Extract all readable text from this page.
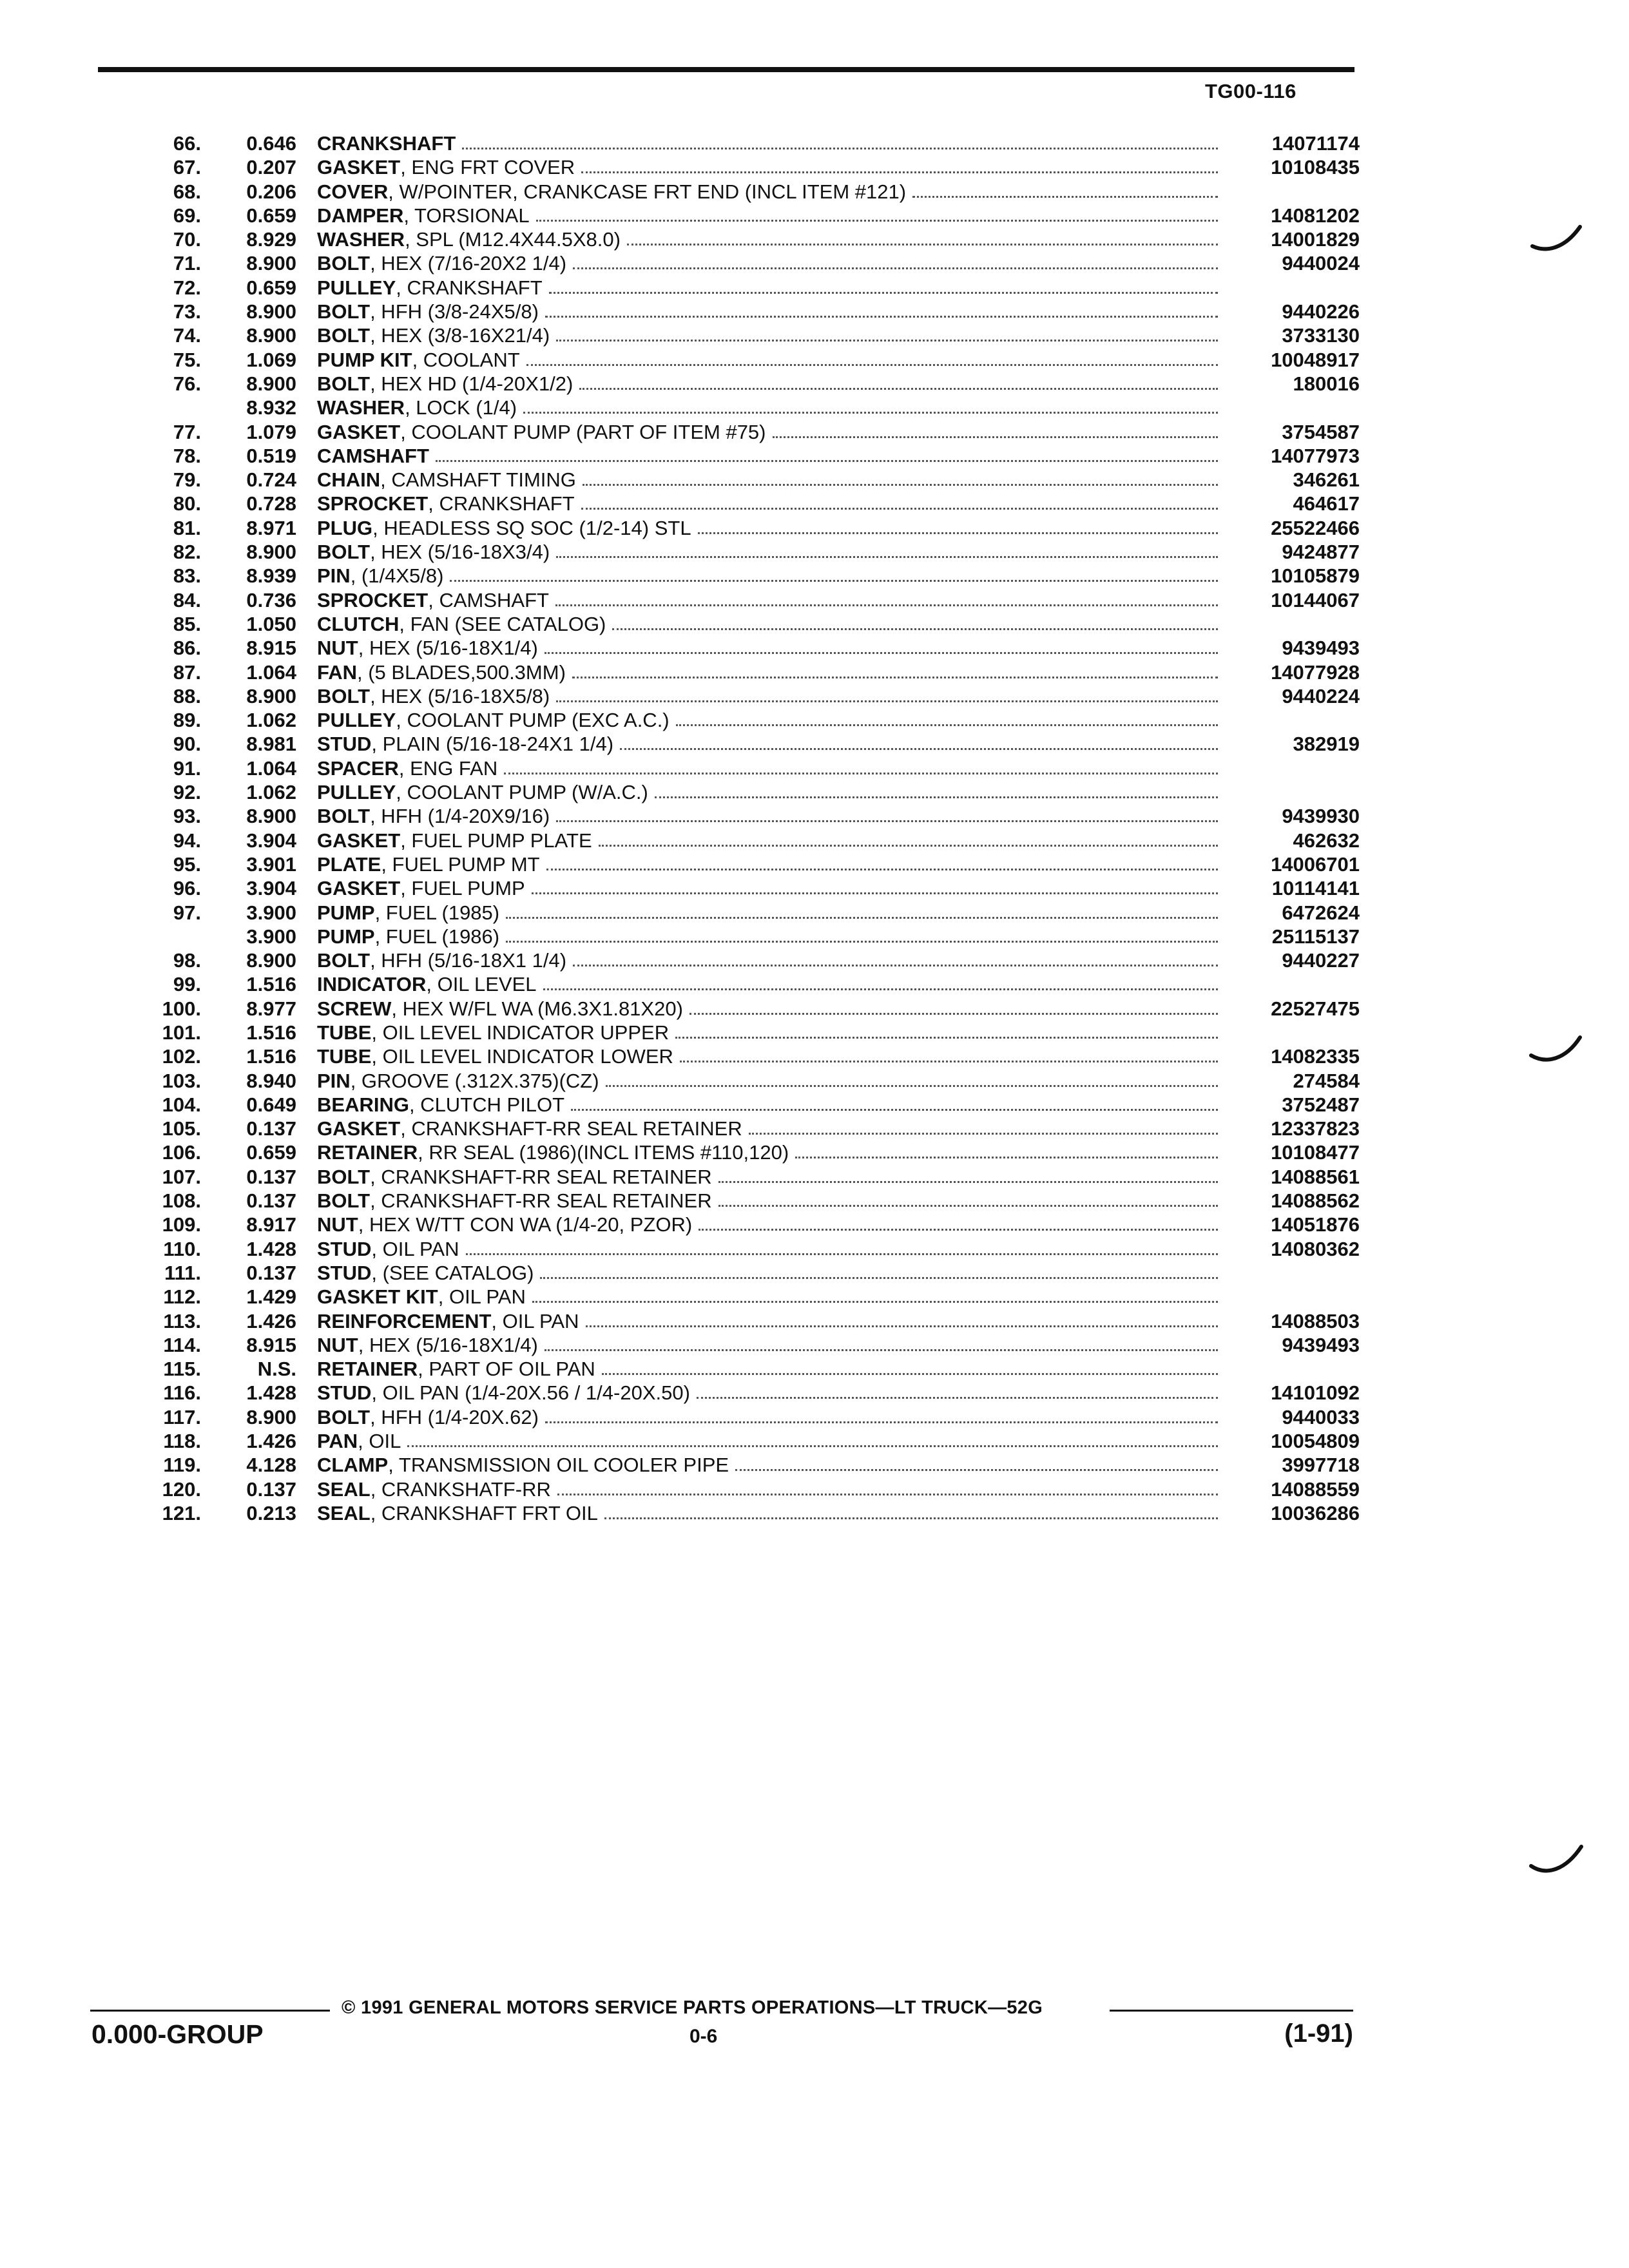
TG00-116
66.	0.646 CRANKSHAFT	14071174
67.	0.207 GASKET , ENG FRT COVER	10108435
68.	0.206 COVER , W/POINTER, CRANKCASE FRT END (INCL ITEM #121)
69.	0.659 DAMPER , TORSIONAL	14081202
70.	8.929 WASHER , SPL (M12.4X44.5X8.0)	14001829
71.	8.900 BOLT , HEX (7/16-20X2 1/4)	9440024
72.	0.659 PULLEY , CRANKSHAFT
73.	8.900 BOLT , HFH (3/8-24X5/8)	9440226
74.	8.900 BOLT , HEX (3/8-16X21/4)	3733130
75.	1.069 PUMP KIT , COOLANT	10048917
76.	8.900 BOLT , HEX HD (1/4-20X1/2)	180016
8.932 WASHER , LOCK (1/4)
77.	1.079 GASKET , COOLANT PUMP (PART OF ITEM #75)	3754587
78.	0.519 CAMSHAFT	14077973
79.	0.724 CHAIN , CAMSHAFT TIMING	346261
80.	0.728 SPROCKET , CRANKSHAFT	464617
81.	8.971 PLUG , HEADLESS SQ SOC (1/2-14) STL	25522466
82.	8.900 BOLT , HEX (5/16-18X3/4)	9424877
83.	8.939 PIN , (1/4X5/8)	10105879
84.	0.736 SPROCKET , CAMSHAFT	10144067
85.	1.050 CLUTCH , FAN (SEE CATALOG)
86.	8.915 NUT , HEX (5/16-18X1/4)	9439493
87.	1.064 FAN , (5 BLADES,500.3MM)	14077928
88.	8.900 BOLT , HEX (5/16-18X5/8)	9440224
89.	1.062 PULLEY , COOLANT PUMP (EXC A.C.)
90.	8.981 STUD , PLAIN (5/16-18-24X1 1/4)	382919
91.	1.064 SPACER , ENG FAN
92.	1.062 PULLEY , COOLANT PUMP (W/A.C.)
93.	8.900 BOLT , HFH (1/4-20X9/16)	9439930
94.	3.904 GASKET , FUEL PUMP PLATE	462632
95.	3.901 PLATE , FUEL PUMP MT	14006701
96.	3.904 GASKET , FUEL PUMP	10114141
97.	3.900 PUMP , FUEL (1985)	6472624
3.900 PUMP , FUEL (1986)	25115137
98.	8.900 BOLT , HFH (5/16-18X1 1/4)	9440227
99.	1.516 INDICATOR , OIL LEVEL
100.	8.977 SCREW , HEX W/FL WA (M6.3X1.81X20)	22527475
101.	1.516 TUBE , OIL LEVEL INDICATOR UPPER
102.	1.516 TUBE , OIL LEVEL INDICATOR LOWER	14082335
103.	8.940 PIN , GROOVE (.312X.375)(CZ)	274584
104.	0.649 BEARING , CLUTCH PILOT	3752487
105.	0.137 GASKET , CRANKSHAFT-RR SEAL RETAINER	12337823
106.	0.659 RETAINER , RR SEAL (1986)(INCL ITEMS #110,120)	10108477
107.	0.137 BOLT , CRANKSHAFT-RR SEAL RETAINER	14088561
108.	0.137 BOLT , CRANKSHAFT-RR SEAL RETAINER	14088562
109.	8.917 NUT , HEX W/TT CON WA (1/4-20, PZOR)	14051876
110.	1.428 STUD , OIL PAN	14080362
111.	0.137 STUD , (SEE CATALOG)
112.	1.429 GASKET KIT , OIL PAN
113.	1.426 REINFORCEMENT , OIL PAN	14088503
114.	8.915 NUT , HEX (5/16-18X1/4)	9439493
115.	N.S. RETAINER , PART OF OIL PAN
116.	1.428 STUD , OIL PAN (1/4-20X.56 / 1/4-20X.50)	14101092
117.	8.900 BOLT , HFH (1/4-20X.62)	9440033
118.	1.426 PAN , OIL	10054809
119.	4.128 CLAMP , TRANSMISSION OIL COOLER PIPE	3997718
120.	0.137 SEAL , CRANKSHATF-RR	14088559
121.	0.213 SEAL , CRANKSHAFT FRT OIL	10036286
© 1991 GENERAL MOTORS SERVICE PARTS OPERATIONS—LT TRUCK—52G
0.000-GROUP	0-6	(1-91)
